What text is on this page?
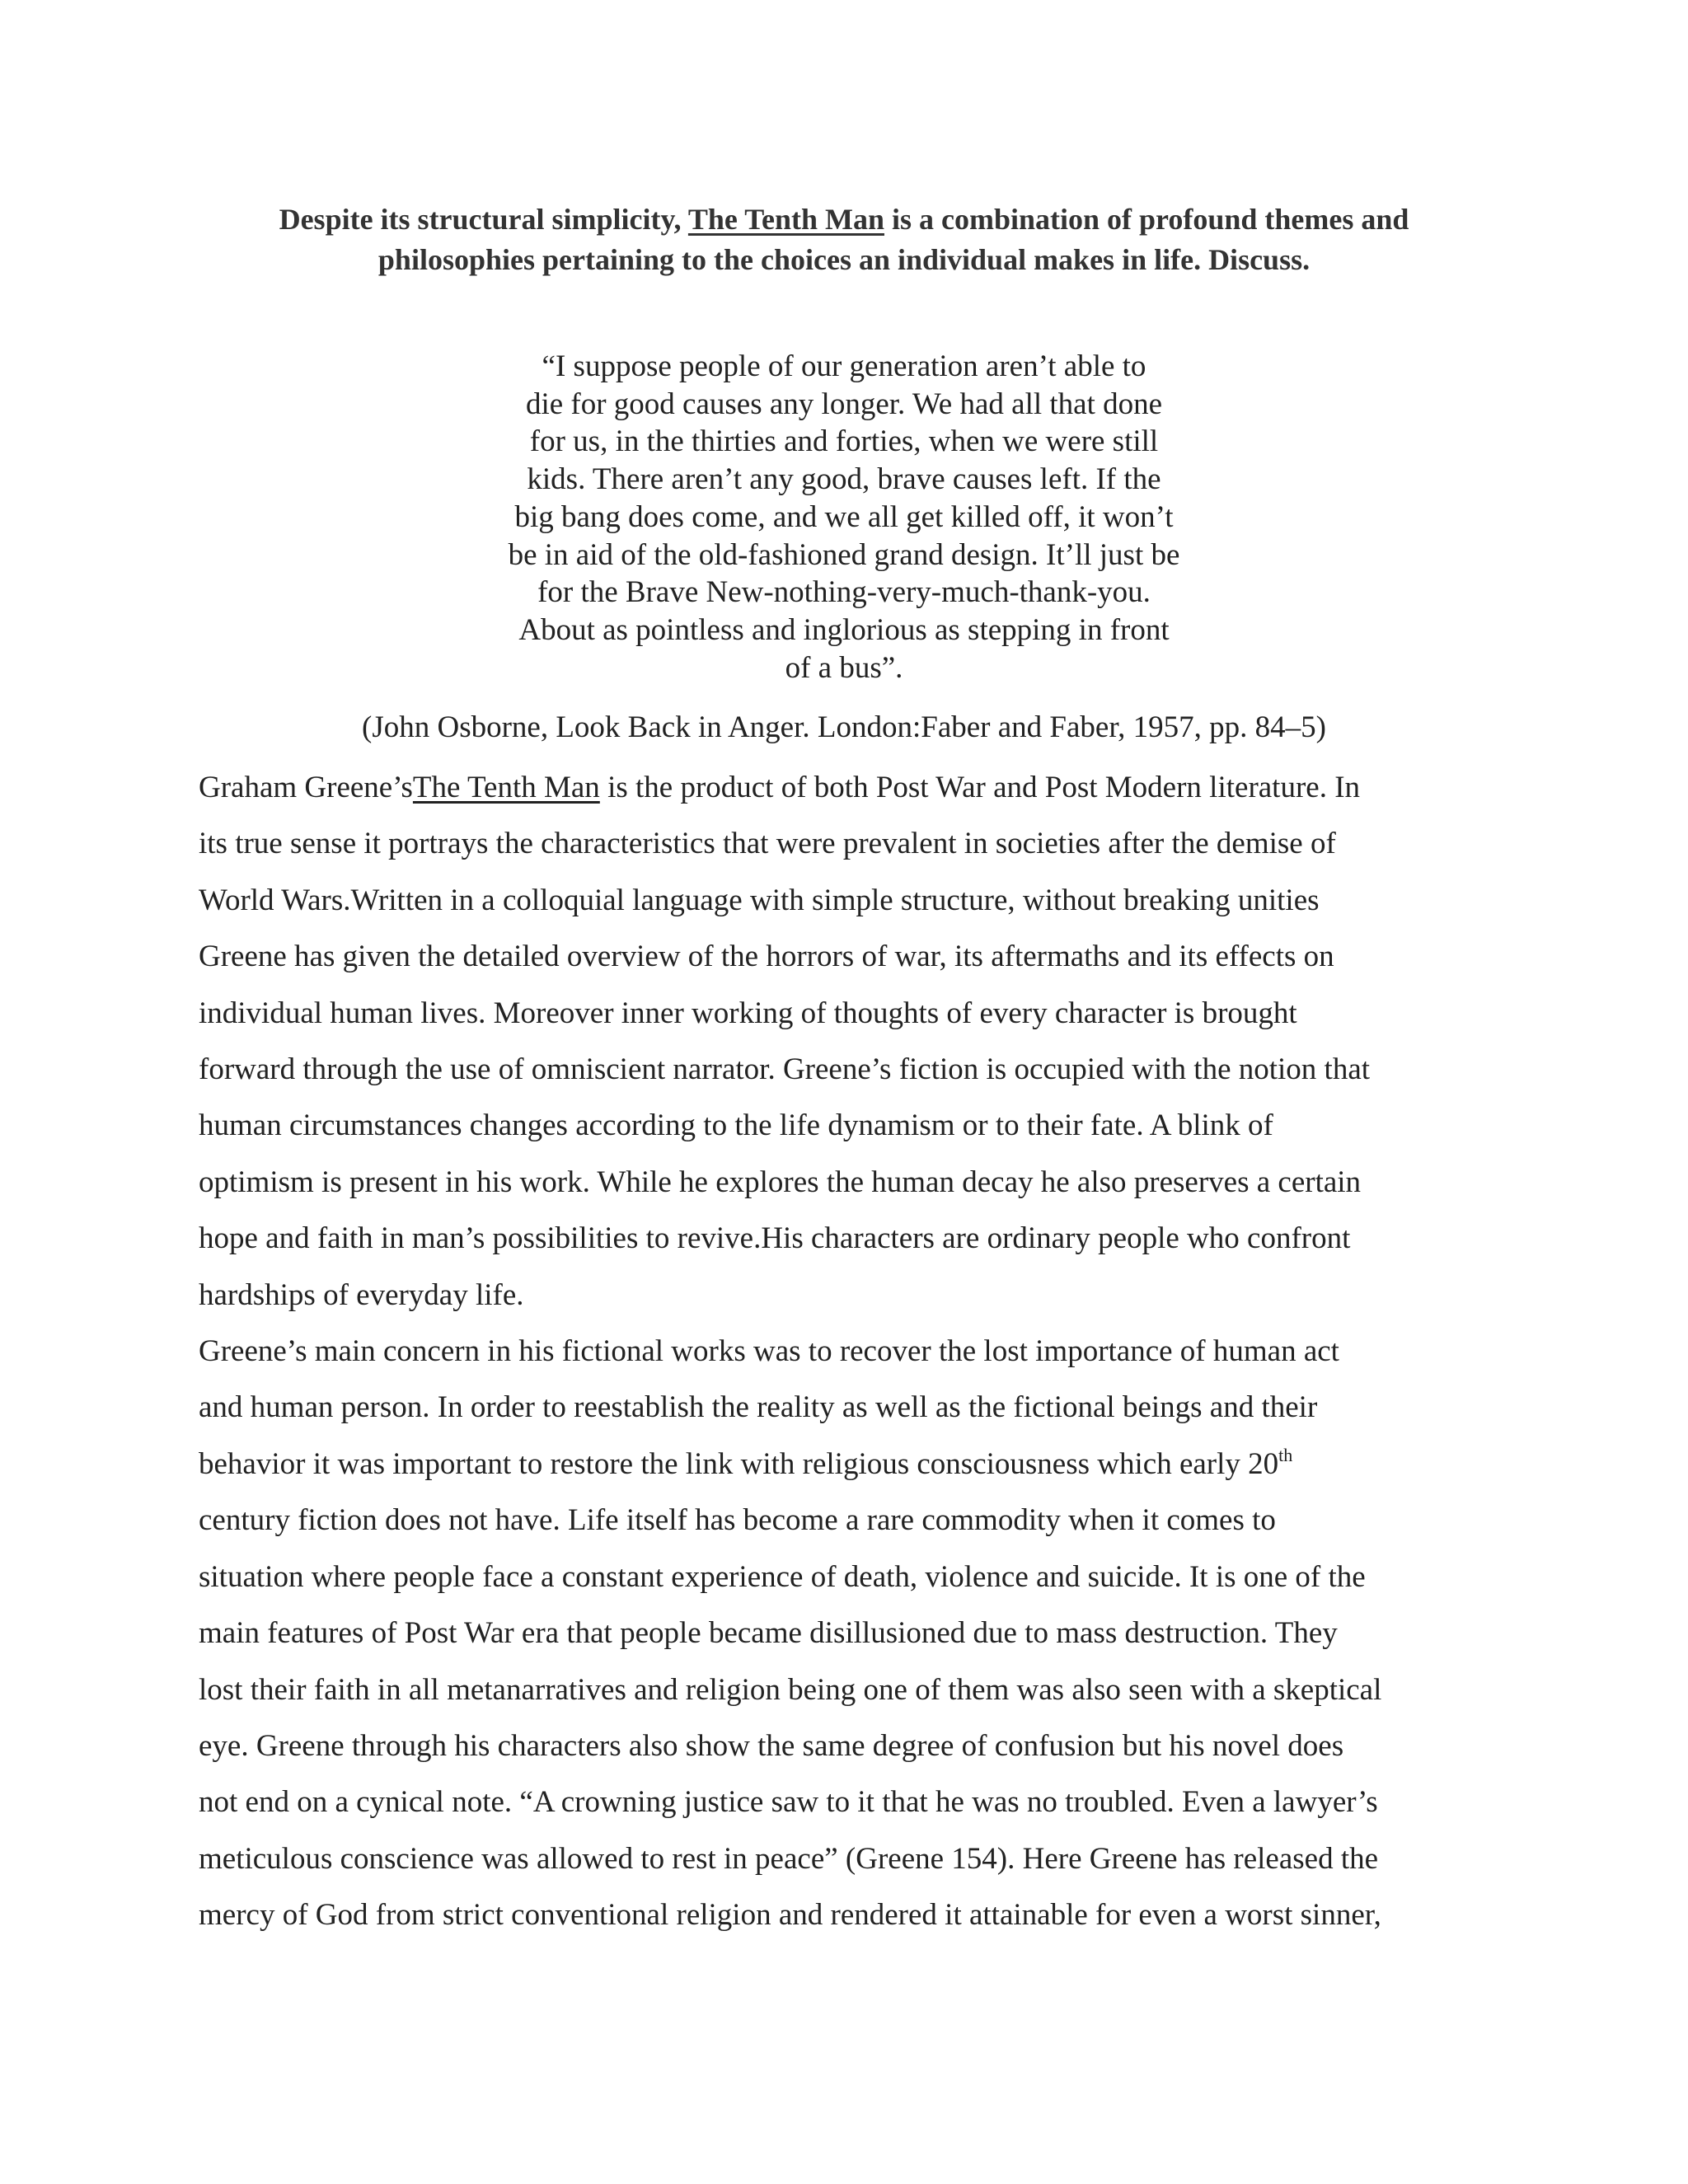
Despite its structural simplicity, The Tenth Man is a combination of profound themes and
philosophies pertaining to the choices an individual makes in life. Discuss.
“I suppose people of our generation aren’t able to
die for good causes any longer. We had all that done
for us, in the thirties and forties, when we were still
kids. There aren’t any good, brave causes left. If the
big bang does come, and we all get killed off, it won’t
be in aid of the old-fashioned grand design. It’ll just be
for the Brave New-nothing-very-much-thank-you.
About as pointless and inglorious as stepping in front
of a bus”.
(John Osborne, Look Back in Anger. London:Faber and Faber, 1957, pp. 84–5)
Graham Greene’sThe Tenth Man is the product of both Post War and Post Modern literature. In
its true sense it portrays the characteristics that were prevalent in societies after the demise of
World Wars.Written in a colloquial language with simple structure, without breaking unities
Greene has given the detailed overview of the horrors of war, its aftermaths and its effects on
individual human lives. Moreover inner working of thoughts of every character is brought
forward through the use of omniscient narrator. Greene’s fiction is occupied with the notion that
human circumstances changes according to the life dynamism or to their fate. A blink of
optimism is present in his work. While he explores the human decay he also preserves a certain
hope and faith in man’s possibilities to revive.His characters are ordinary people who confront
hardships of everyday life.
Greene’s main concern in his fictional works was to recover the lost importance of human act
and human person. In order to reestablish the reality as well as the fictional beings and their
behavior it was important to restore the link with religious consciousness which early 20th
century fiction does not have. Life itself has become a rare commodity when it comes to
situation where people face a constant experience of death, violence and suicide. It is one of the
main features of Post War era that people became disillusioned due to mass destruction. They
lost their faith in all metanarratives and religion being one of them was also seen with a skeptical
eye. Greene through his characters also show the same degree of confusion but his novel does
not end on a cynical note. “A crowning justice saw to it that he was no troubled. Even a lawyer’s
meticulous conscience was allowed to rest in peace” (Greene 154). Here Greene has released the
mercy of God from strict conventional religion and rendered it attainable for even a worst sinner,
